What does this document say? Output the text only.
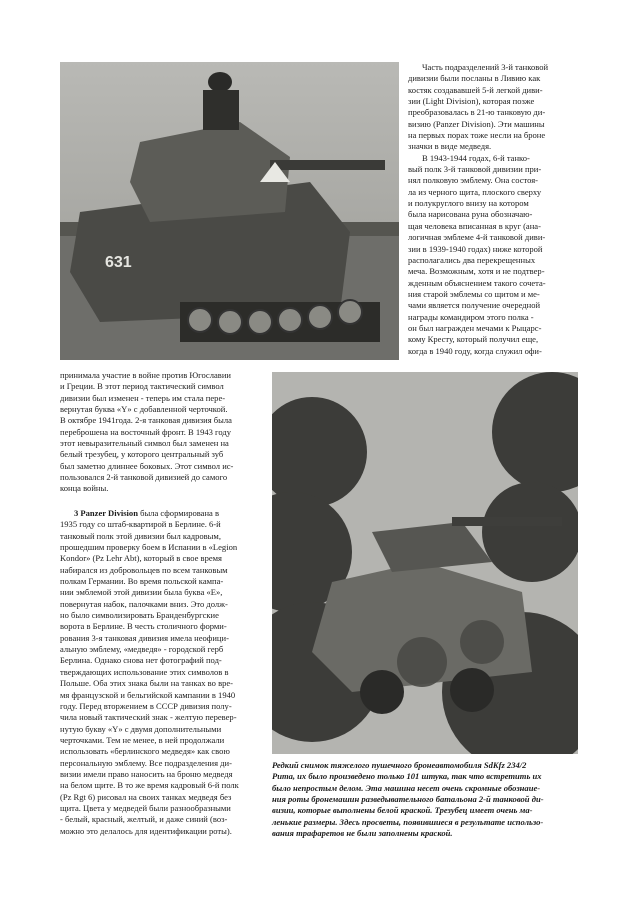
631

Часть подразделений 3-й танковой
дивизии были посланы в Ливию как
костяк создававшей 5-й легкой диви-
зии (Light Division), которая позже
преобразовалась в 21-ю танковую ди-
визию (Panzer Division). Эти машины
на первых порах тоже несли на броне
значки в виде медведя.

В 1943-1944 годах, 6-й танко-
вый полк 3-й танковой дивизии при-
нял полковую эмблему. Она состоя-
ла из черного щита, плоского сверху
и полукруглого внизу на котором
была нарисована руна обозначаю-
щая человека вписанная в круг (ана-
логичная эмблеме 4-й танковой диви-
зии в 1939-1940 годах) ниже которой
располагались два перекрещенных
меча. Возможным, хотя и не подтвер-
жденным объяснением такого сочета-
ния старой эмблемы со щитом и ме-
чами является получение очередной
награды командиром этого полка -
он был награжден мечами к Рыцарс-
кому Кресту, который получил еще,
когда в 1940 году, когда служил офи-

принимала участие в войне против Югославии
и Греции. В этот период тактический символ
дивизии был изменен - теперь им стала пере-
вернутая буква «Y» с добавленной черточкой.
В октябре 1941года. 2-я танковая дивизия была
переброшена на восточный фронт. В 1943 году
этот невыразительный символ был заменен на
белый трезубец, у которого центральный зуб
был заметно длиннее боковых. Этот символ ис-
пользовался 2-й танковой дивизией до самого
конца войны.

3 Panzer Division была сформирована в
1935 году со штаб-квартирой в Берлине. 6-й
танковый полк этой дивизии был кадровым,
прошедшим проверку боем в Испании в «Legion
Kondor» (Pz Lehr Abt), который в свое время
набирался из добровольцев по всем танковым
полкам Германии. Во время польской кампа-
нии эмблемой этой дивизии была буква «Е»,
повернутая набок, палочками вниз. Это долж-
но было символизировать Бранденбургские
ворота в Берлине. В честь столичного форми-
рования 3-я танковая дивизия имела неофици-
альную эмблему, «медведя» - городской герб
Берлина. Однако снова нет фотографий под-
тверждающих использование этих символов в
Польше. Оба этих знака были на танках во вре-
мя французской и бельгийской кампании в 1940
году. Перед вторжением в СССР дивизия полу-
чила новый тактический знак - желтую перевер-
нутую букву «Y» с двумя дополнительными
черточками. Тем не менее, в ней продолжали
использовать «берлинского медведя» как свою
персональную эмблему. Все подразделения ди-
визии имели право наносить на броню медведя
на белом щите. В то же время кадровый 6-й полк
(Pz Rgt 6) рисовал на своих танках медведя без
щита. Цвета у медведей были разнообразными
- белый, красный, желтый, и даже синий (воз-
можно это делалось для идентификации роты).

Редкий снимок тяжелого пушечного бронеавтомобиля SdKfz 234/2
Рита, их было произведено только 101 штука, так что встретить их
было непростым делом. Эта машина несет очень скромные обознаие-
ния роты бронемашин разведывательного батальона 2-й танковой ди-
визии, которые выполнены белой краской. Трезубец имеет очень ма-
ленькие размеры. Здесь просветы, появившиеся в результате использо-
вания трафаретов не были заполнены краской.
